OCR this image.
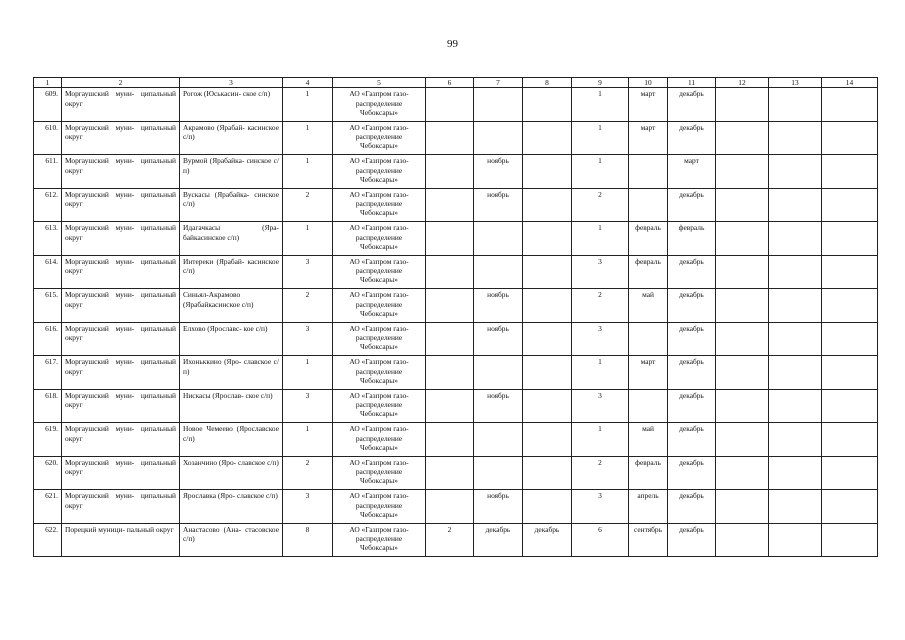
99
1	2	3	4	5	6	7	8	9	10	11	12	13	14
609.	Моргаушский муни- ципальный округ	Рогож (Юськасин- ское с/п)	1	АО «Газпром газо- распределение Чебоксары»				1	март	декабрь			
610.	Моргаушский муни- ципальный округ	Акрамово (Ярабай- касинское с/п)	1	АО «Газпром газо- распределение Чебоксары»				1	март	декабрь			
611.	Моргаушский муни- ципальный округ	Вурмой (Ярабайка- синское с/п)	1	АО «Газпром газо- распределение Чебоксары»		ноябрь		1		март			
612.	Моргаушский муни- ципальный округ	Вускасы (Ярабайка- синское с/п)	2	АО «Газпром газо- распределение Чебоксары»		ноябрь		2		декабрь			
613.	Моргаушский муни- ципальный округ	Идагачкасы (Яра- байкасинское с/п)	1	АО «Газпром газо- распределение Чебоксары»				1	февраль	февраль			
614.	Моргаушский муни- ципальный округ	Интереки (Ярабай- касинское с/п)	3	АО «Газпром газо- распределение Чебоксары»				3	февраль	декабрь			
615.	Моргаушский муни- ципальный округ	Синьял-Акрамово (Ярабайкасинское с/п)	2	АО «Газпром газо- распределение Чебоксары»		ноябрь		2	май	декабрь			
616.	Моргаушский муни- ципальный округ	Елхово (Ярославс- кое с/п)	3	АО «Газпром газо- распределение Чебоксары»		ноябрь		3		декабрь			
617.	Моргаушский муни- ципальный округ	Ихоньккино (Яро- славское с/п)	1	АО «Газпром газо- распределение Чебоксары»				1	март	декабрь			
618.	Моргаушский муни- ципальный округ	Нискасы (Ярослав- ское с/п)	3	АО «Газпром газо- распределение Чебоксары»		ноябрь		3		декабрь			
619.	Моргаушский муни- ципальный округ	Новое Чемеево (Ярославское с/п)	1	АО «Газпром газо- распределение Чебоксары»				1	май	декабрь			
620.	Моргаушский муни- ципальный округ	Хозанчино (Яро- славское с/п)	2	АО «Газпром газо- распределение Чебоксары»				2	февраль	декабрь			
621.	Моргаушский муни- ципальный округ	Ярославка (Яро- славское с/п)	3	АО «Газпром газо- распределение Чебоксары»		ноябрь		3	апрель	декабрь			
622.	Порецкий муници- пальный округ	Анастасово (Ана- стасовское с/п)	8	АО «Газпром газо- распределение Чебоксары»	2	декабрь	декабрь	6	сентябрь	декабрь			
